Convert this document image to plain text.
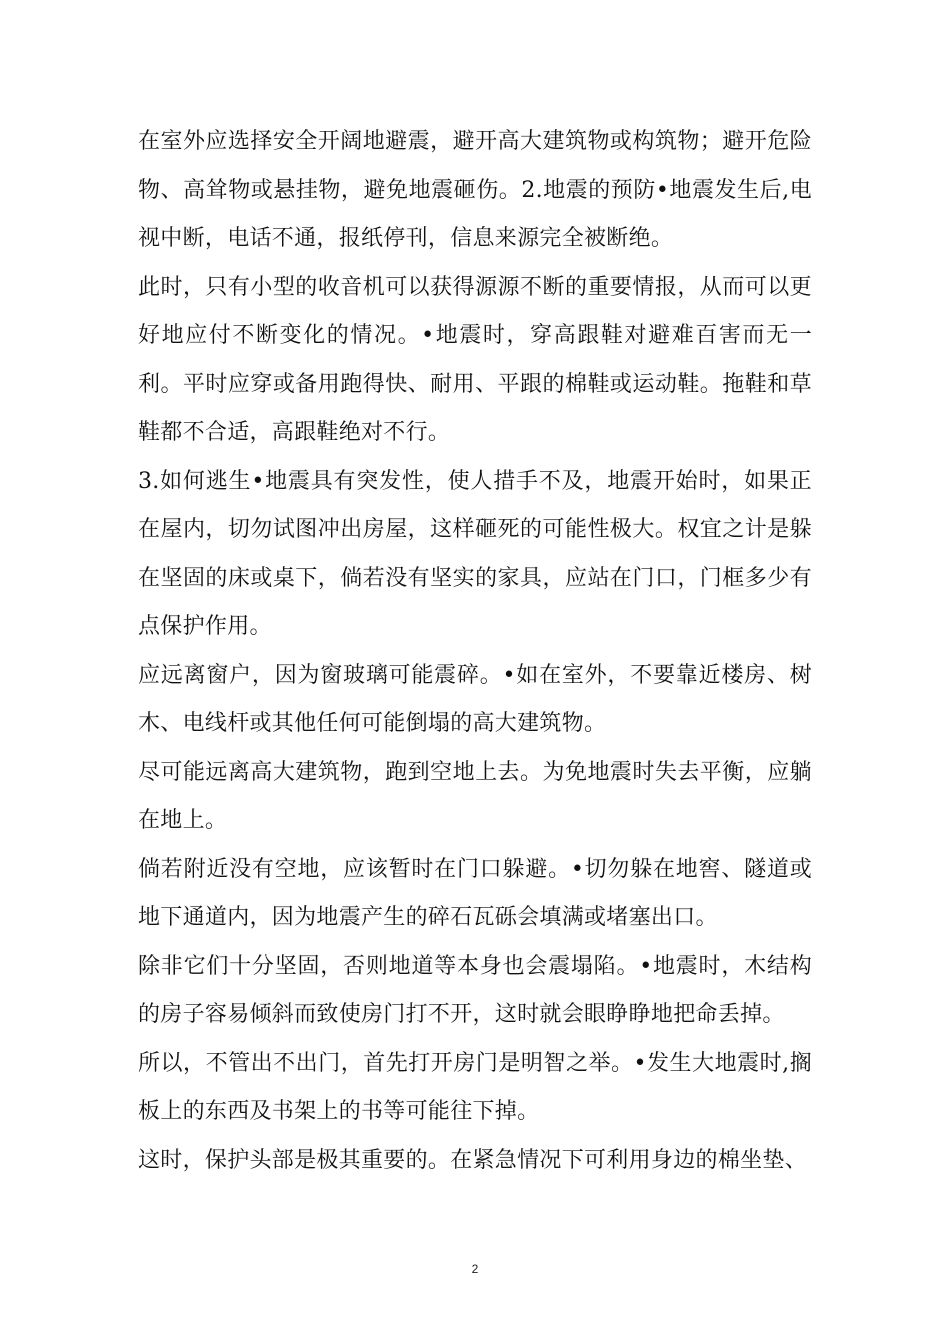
在室外应选择安全开阔地避震，避开高大建筑物或构筑物；避开危险物、高耸物或悬挂物，避免地震砸伤。2.地震的预防•地震发生后,电视中断，电话不通，报纸停刊，信息来源完全被断绝。

此时，只有小型的收音机可以获得源源不断的重要情报，从而可以更好地应付不断变化的情况。•地震时，穿高跟鞋对避难百害而无一利。平时应穿或备用跑得快、耐用、平跟的棉鞋或运动鞋。拖鞋和草鞋都不合适，高跟鞋绝对不行。

3.如何逃生•地震具有突发性，使人措手不及，地震开始时，如果正在屋内，切勿试图冲出房屋，这样砸死的可能性极大。权宜之计是躲在坚固的床或桌下，倘若没有坚实的家具，应站在门口，门框多少有点保护作用。

应远离窗户，因为窗玻璃可能震碎。•如在室外，不要靠近楼房、树木、电线杆或其他任何可能倒塌的高大建筑物。

尽可能远离高大建筑物，跑到空地上去。为免地震时失去平衡，应躺在地上。

倘若附近没有空地，应该暂时在门口躲避。•切勿躲在地窖、隧道或地下通道内，因为地震产生的碎石瓦砾会填满或堵塞出口。

除非它们十分坚固，否则地道等本身也会震塌陷。•地震时，木结构的房子容易倾斜而致使房门打不开，这时就会眼睁睁地把命丢掉。

所以，不管出不出门，首先打开房门是明智之举。•发生大地震时,搁板上的东西及书架上的书等可能往下掉。

这时，保护头部是极其重要的。在紧急情况下可利用身边的棉坐垫、

2
